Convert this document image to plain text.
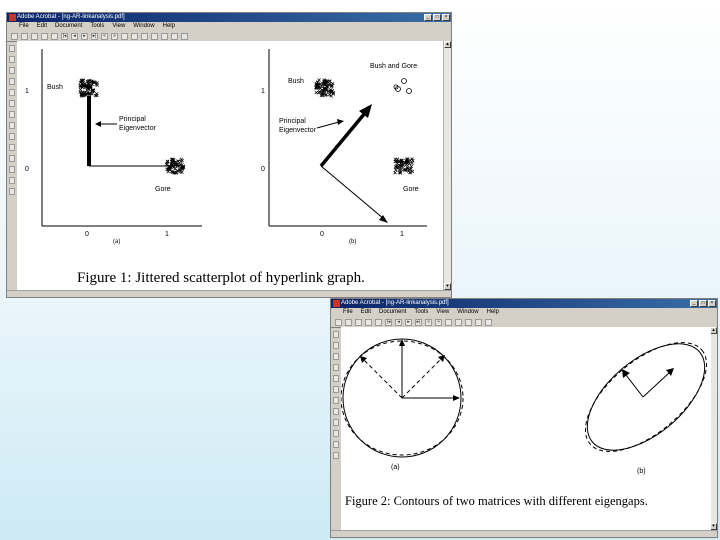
Adobe Acrobat - [ng-AR-linkanalysis.pdf]	_	□	×
File Edit Document Tools View Window Help
|◂	◂	▸	▸|	«	»
▴
▾
1
0
0	1
Bush
Gore
Principal
Eigenvector
(a)
1
0
0	1
Bush
Gore
Bush and Gore
Principal
Eigenvector
(b)
Figure 1: Jittered scatterplot of hyperlink graph.
Adobe Acrobat - [ng-AR-linkanalysis.pdf]	_	□	×
File Edit Document Tools View Window Help
|◂	◂	▸	▸|	«	»
▴
▾
(a)
(b)
Figure 2: Contours of two matrices with different eigengaps.
